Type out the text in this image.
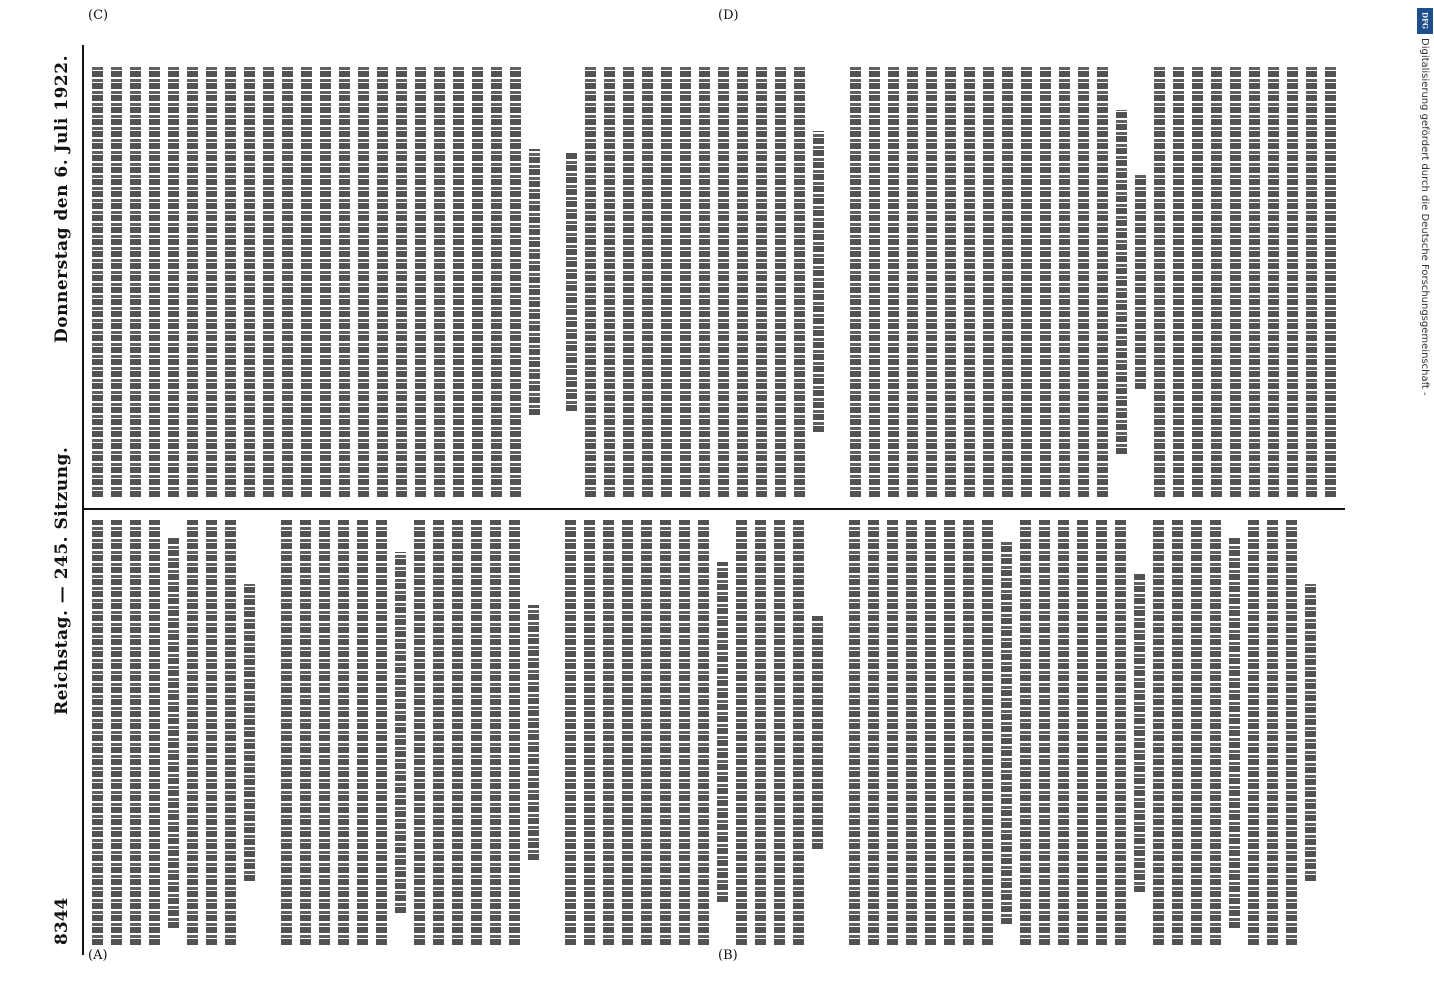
8344
Reichstag. — 245. Sitzung.
Donnerstag den 6. Juli 1922.
(A)	(B)
(C)	(D)	DFG
Digitalisierung gefördert durch die Deutsche Forschungsgemeinschaft -
